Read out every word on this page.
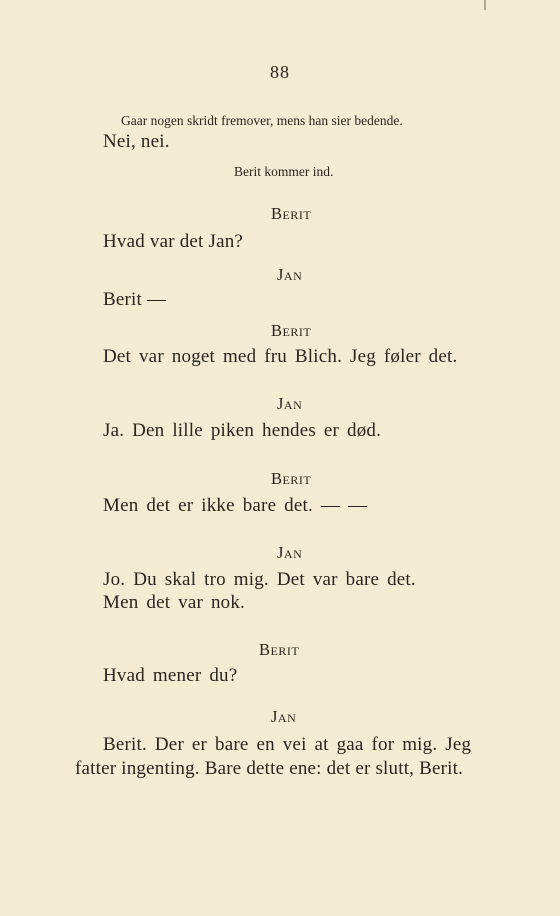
88
Gaar nogen skridt fremover, mens han sier bedende.
Nei, nei.
Berit kommer ind.
Berit
Hvad var det Jan?
Jan
Berit —
Berit
Det var noget med fru Blich. Jeg føler det.
Jan
Ja. Den lille piken hendes er død.
Berit
Men det er ikke bare det. — —
Jan
Jo. Du skal tro mig. Det var bare det.
Men det var nok.
Berit
Hvad mener du?
Jan
Berit. Der er bare en vei at gaa for mig. Jeg
fatter ingenting. Bare dette ene: det er slutt, Berit.
